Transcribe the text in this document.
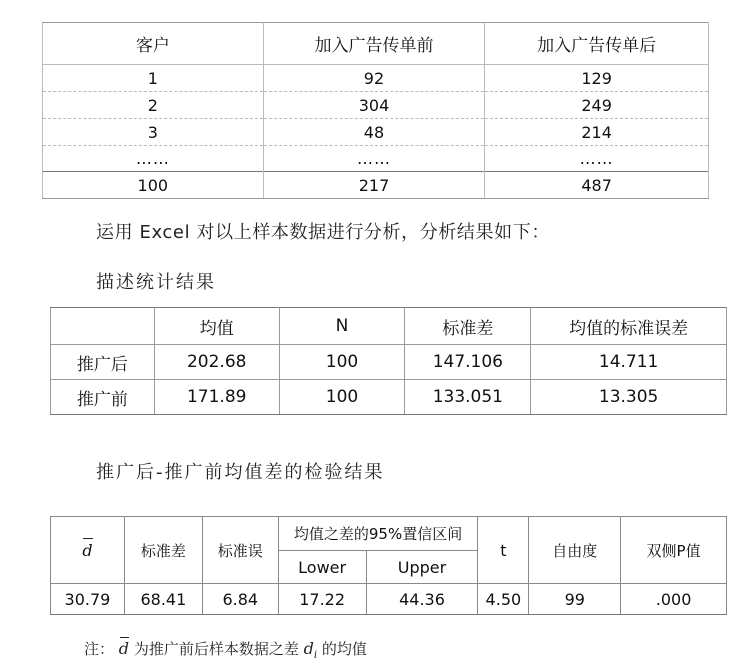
客户	加入广告传单前	加入广告传单后
1	92	129
2	304	249
3	48	214
……	……	……
100	217	487
运用 Excel 对以上样本数据进行分析，分析结果如下：
描述统计结果
	均值	N	标准差	均值的标准误差
推广后	202.68	100	147.106	14.711
推广前	171.89	100	133.051	13.305
推广后-推广前均值差的检验结果
d	标准差	标准误	均值之差的95%置信区间		t	自由度	双侧P值
			Lower	Upper			
30.79	68.41	6.84	17.22	44.36	4.50	99	.000
注： d 为推广前后样本数据之差 $d_i$ 的均值
